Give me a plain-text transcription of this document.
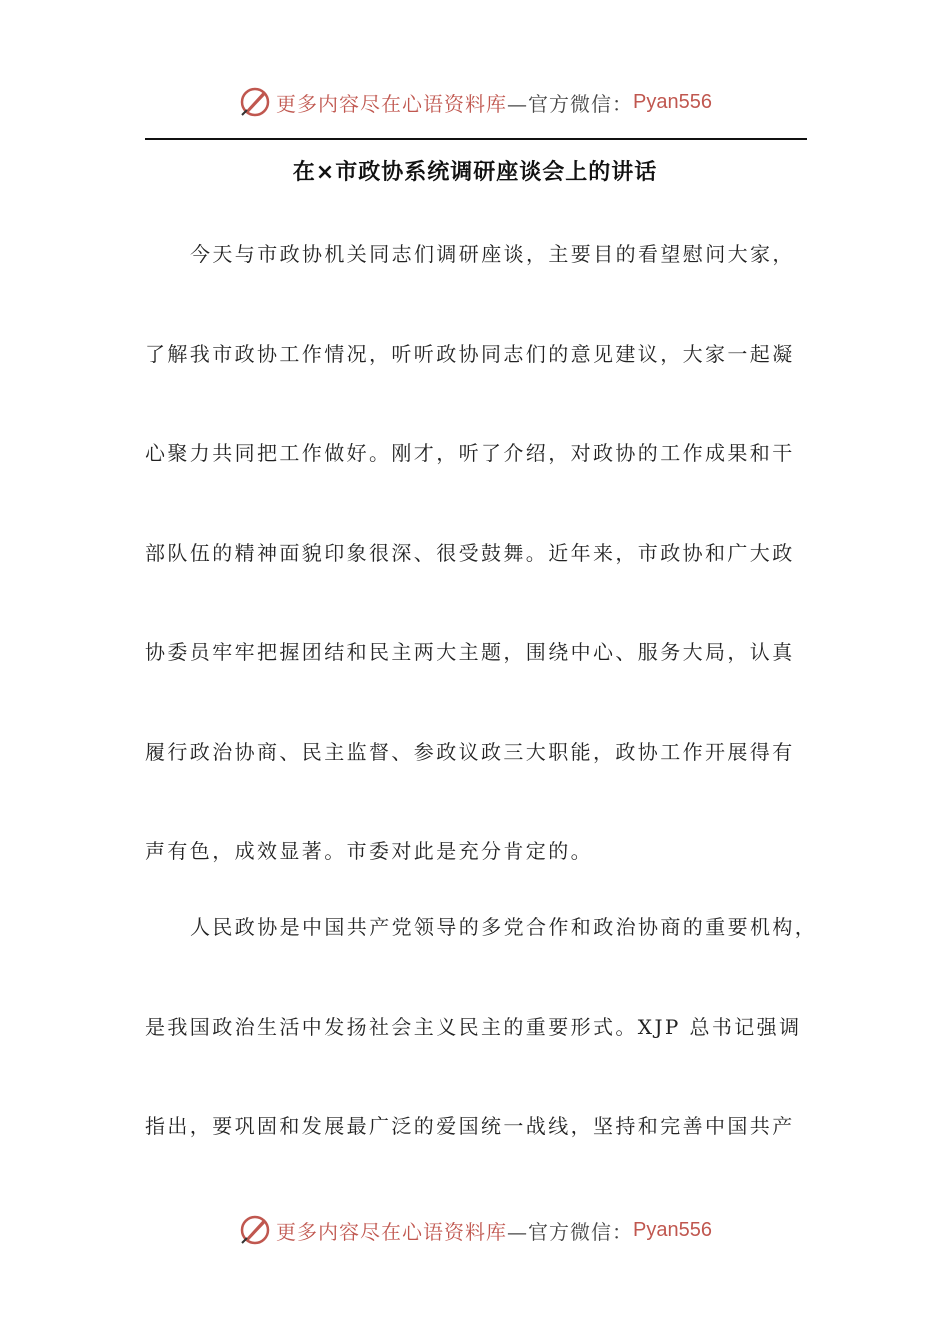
更多内容尽在心语资料库 —官方微信： Pyan556
在×市政协系统调研座谈会上的讲话
今天与市政协机关同志们调研座谈，主要目的看望慰问大家，
了解我市政协工作情况，听听政协同志们的意见建议，大家一起凝
心聚力共同把工作做好。刚才，听了介绍，对政协的工作成果和干
部队伍的精神面貌印象很深、很受鼓舞。近年来，市政协和广大政
协委员牢牢把握团结和民主两大主题，围绕中心、服务大局，认真
履行政治协商、民主监督、参政议政三大职能，政协工作开展得有
声有色，成效显著。市委对此是充分肯定的。
人民政协是中国共产党领导的多党合作和政治协商的重要机构，
是我国政治生活中发扬社会主义民主的重要形式。XJP 总书记强调
指出，要巩固和发展最广泛的爱国统一战线，坚持和完善中国共产
更多内容尽在心语资料库 —官方微信： Pyan556
